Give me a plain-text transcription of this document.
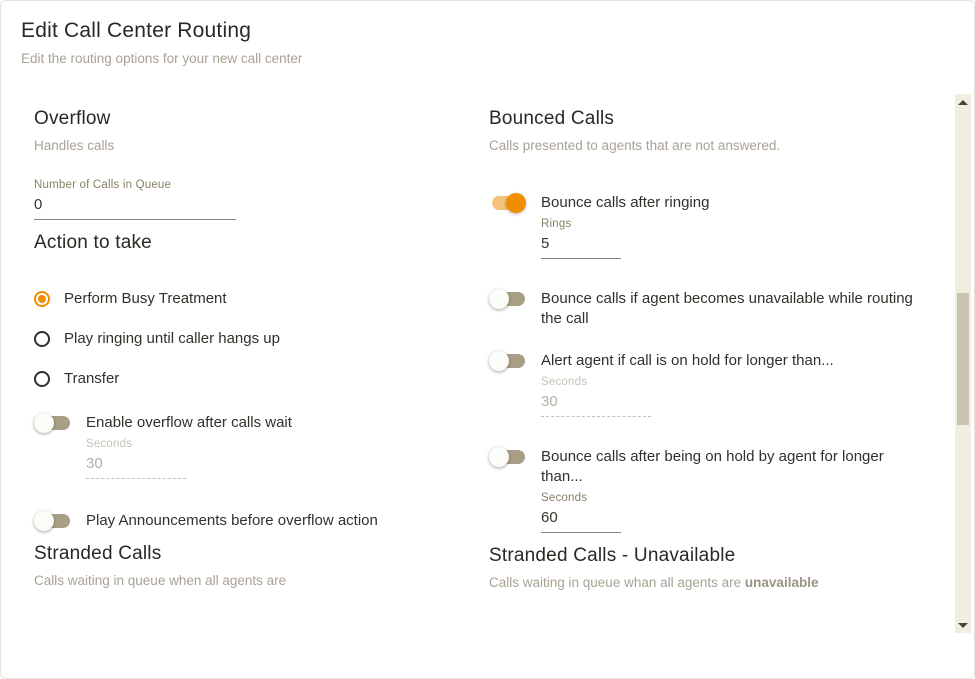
Edit Call Center Routing
Edit the routing options for your new call center
Overflow
Handles calls
Number of Calls in Queue
0
Action to take
Perform Busy Treatment
Play ringing until caller hangs up
Transfer
Enable overflow after calls wait
Seconds
30
Play Announcements before overflow action
Stranded Calls
Calls waiting in queue when all agents are
Bounced Calls
Calls presented to agents that are not answered.
Bounce calls after ringing
Rings
5
Bounce calls if agent becomes unavailable while routing the call
Alert agent if call is on hold for longer than...
Seconds
30
Bounce calls after being on hold by agent for longer than...
Seconds
60
Stranded Calls - Unavailable
Calls waiting in queue whan all agents are unavailable
